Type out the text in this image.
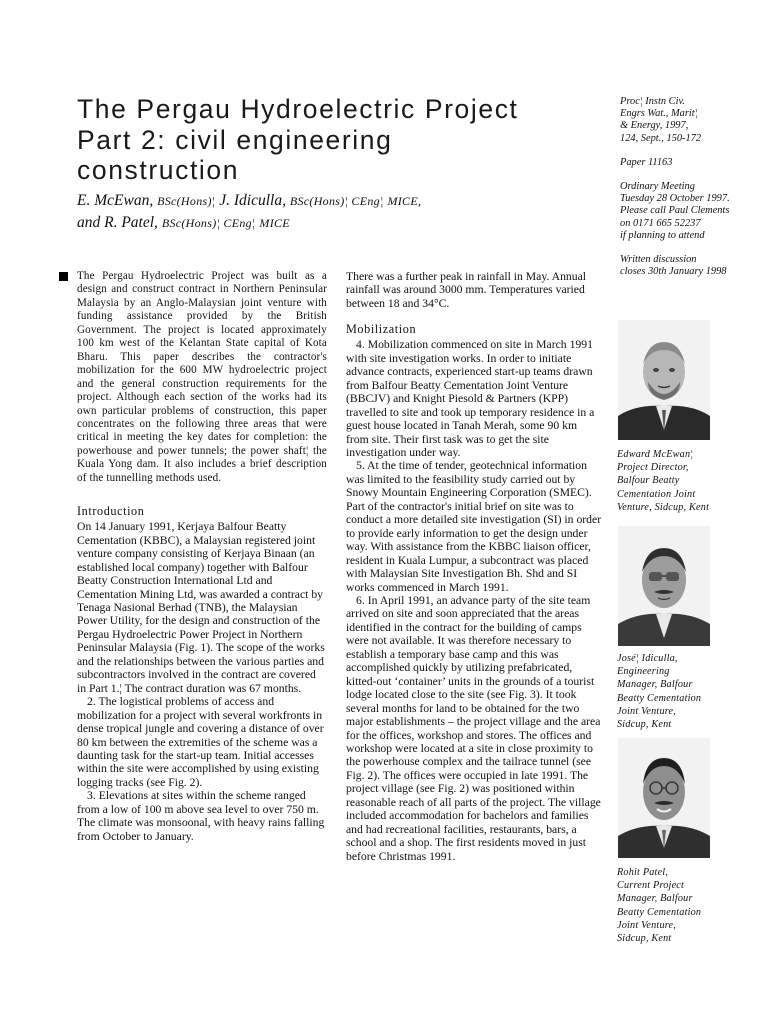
The Pergau Hydroelectric Project
Part 2: civil engineering
construction
E. McEwan, BSc(Hons)¦ J. Idiculla, BSc(Hons)¦ CEng¦ MICE,
and R. Patel, BSc(Hons)¦ CEng¦ MICE
Proc¦ Instn Civ.
Engrs Wat., Marit¦
& Energy, 1997,
124, Sept., 150-172
Paper 11163
Ordinary Meeting
Tuesday 28 October 1997.
Please call Paul Clements
on 0171 665 52237
if planning to attend
Written discussion
closes 30th January 1998
The Pergau Hydroelectric Project was built as a design and construct contract in Northern Peninsular Malaysia by an Anglo-Malaysian joint venture with funding assistance provided by the British Government. The project is located approximately 100 km west of the Kelantan State capital of Kota Bharu. This paper describes the contractor's mobilization for the 600 MW hydroelectric project and the general construction requirements for the project. Although each section of the works had its own particular problems of construction, this paper concentrates on the following three areas that were critical in meeting the key dates for completion: the powerhouse and power tunnels; the power shaft¦ the Kuala Yong dam. It also includes a brief description of the tunnelling methods used.
Introduction
On 14 January 1991, Kerjaya Balfour Beatty Cementation (KBBC), a Malaysian registered joint venture company consisting of Kerjaya Binaan (an established local company) together with Balfour Beatty Construction International Ltd and Cementation Mining Ltd, was awarded a contract by Tenaga Nasional Berhad (TNB), the Malaysian Power Utility, for the design and construction of the Pergau Hydroelectric Power Project in Northern Peninsular Malaysia (Fig. 1). The scope of the works and the relationships between the various parties and subcontractors involved in the contract are covered in Part 1.¦ The contract duration was 67 months.
2. The logistical problems of access and mobilization for a project with several workfronts in dense tropical jungle and covering a distance of over 80 km between the extremities of the scheme was a daunting task for the start-up team. Initial accesses within the site were accomplished by using existing logging tracks (see Fig. 2).
3. Elevations at sites within the scheme ranged from a low of 100 m above sea level to over 750 m. The climate was monsoonal, with heavy rains falling from October to January.
There was a further peak in rainfall in May. Annual rainfall was around 3000 mm. Temperatures varied between 18 and 34°C.
Mobilization
4. Mobilization commenced on site in March 1991 with site investigation works. In order to initiate advance contracts, experienced start-up teams drawn from Balfour Beatty Cementation Joint Venture (BBCJV) and Knight Piesold & Partners (KPP) travelled to site and took up temporary residence in a guest house located in Tanah Merah, some 90 km from site. Their first task was to get the site investigation under way.
5. At the time of tender, geotechnical information was limited to the feasibility study carried out by Snowy Mountain Engineering Corporation (SMEC). Part of the contractor's initial brief on site was to conduct a more detailed site investigation (SI) in order to provide early information to get the design under way. With assistance from the KBBC liaison officer, resident in Kuala Lumpur, a subcontract was placed with Malaysian Site Investigation Bh. Shd and SI works commenced in March 1991.
6. In April 1991, an advance party of the site team arrived on site and soon appreciated that the areas identified in the contract for the building of camps were not available. It was therefore necessary to establish a temporary base camp and this was accomplished quickly by utilizing prefabricated, kitted-out ‘container’ units in the grounds of a tourist lodge located close to the site (see Fig. 3). It took several months for land to be obtained for the two major establishments – the project village and the area for the offices, workshop and stores. The offices and workshop were located at a site in close proximity to the powerhouse complex and the tailrace tunnel (see Fig. 2). The offices were occupied in late 1991. The project village (see Fig. 2) was positioned within reasonable reach of all parts of the project. The village included accommodation for bachelors and families and had recreational facilities, restaurants, bars, a school and a shop. The first residents moved in just before Christmas 1991.
Edward McEwan¦
Project Director,
Balfour Beatty
Cementation Joint
Venture, Sidcup, Kent
José¦ Idiculla,
Engineering
Manager, Balfour
Beatty Cementation
Joint Venture,
Sidcup, Kent
Rohit Patel,
Current Project
Manager, Balfour
Beatty Cementation
Joint Venture,
Sidcup, Kent
